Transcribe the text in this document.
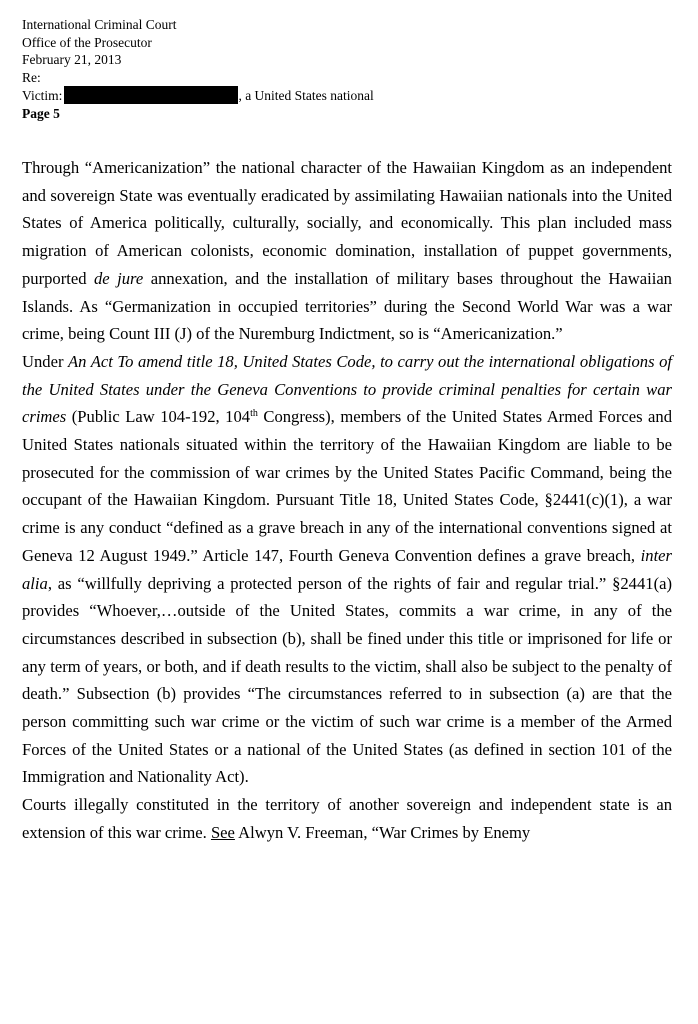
International Criminal Court
Office of the Prosecutor
February 21, 2013
Re:
Victim:	, a United States national
Page 5

Through “Americanization” the national character of the Hawaiian Kingdom as an independent and sovereign State was eventually eradicated by assimilating Hawaiian nationals into the United States of America politically, culturally, socially, and economically. This plan included mass migration of American colonists, economic domination, installation of puppet governments, purported de jure annexation, and the installation of military bases throughout the Hawaiian Islands. As “Germanization in occupied territories” during the Second World War was a war crime, being Count III (J) of the Nuremburg Indictment, so is “Americanization.”

Under An Act To amend title 18, United States Code, to carry out the international obligations of the United States under the Geneva Conventions to provide criminal penalties for certain war crimes (Public Law 104-192, 104th Congress), members of the United States Armed Forces and United States nationals situated within the territory of the Hawaiian Kingdom are liable to be prosecuted for the commission of war crimes by the United States Pacific Command, being the occupant of the Hawaiian Kingdom. Pursuant Title 18, United States Code, §2441(c)(1), a war crime is any conduct “defined as a grave breach in any of the international conventions signed at Geneva 12 August 1949.” Article 147, Fourth Geneva Convention defines a grave breach, inter alia, as “willfully depriving a protected person of the rights of fair and regular trial.” §2441(a) provides “Whoever,…outside of the United States, commits a war crime, in any of the circumstances described in subsection (b), shall be fined under this title or imprisoned for life or any term of years, or both, and if death results to the victim, shall also be subject to the penalty of death.” Subsection (b) provides “The circumstances referred to in subsection (a) are that the person committing such war crime or the victim of such war crime is a member of the Armed Forces of the United States or a national of the United States (as defined in section 101 of the Immigration and Nationality Act).

Courts illegally constituted in the territory of another sovereign and independent state is an extension of this war crime. See Alwyn V. Freeman, “War Crimes by Enemy
